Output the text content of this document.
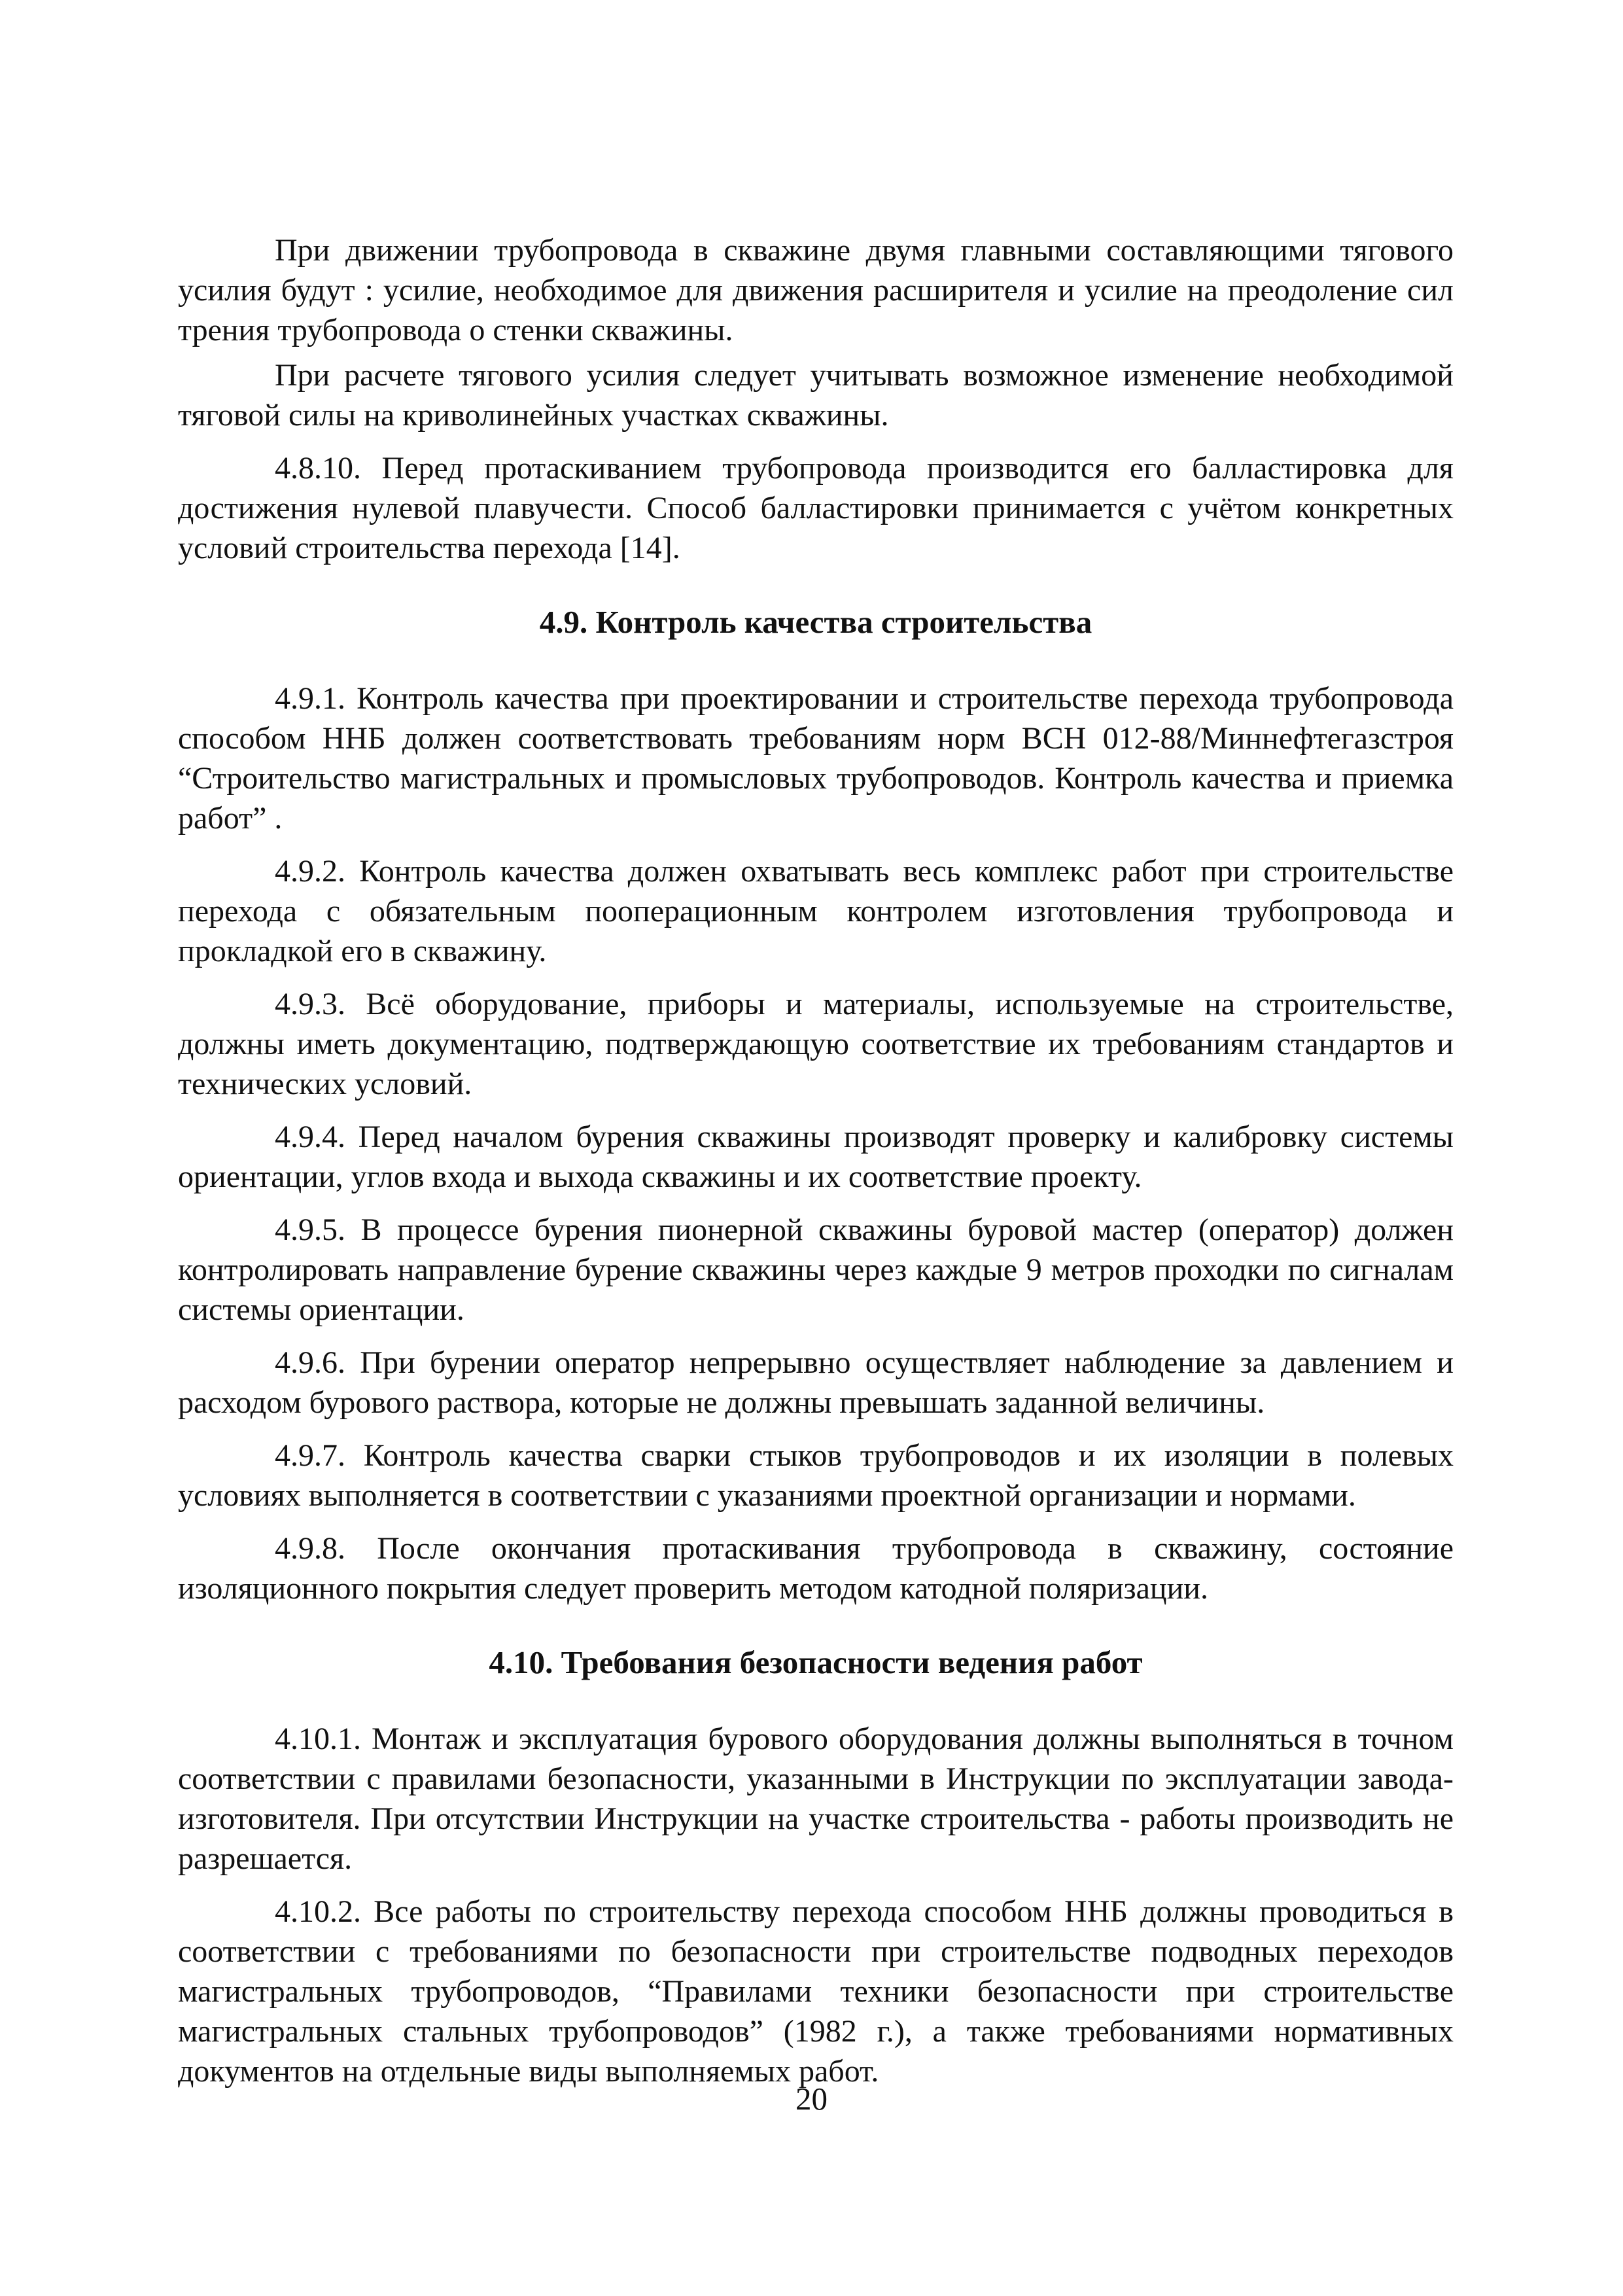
При движении трубопровода в скважине двумя главными составляющими тягового усилия будут : усилие, необходимое для движения расширителя и усилие на преодоление сил трения трубопровода о стенки скважины.

При расчете тягового усилия следует учитывать возможное изменение необходимой тяговой силы на криволинейных участках скважины.

4.8.10. Перед протаскиванием трубопровода производится его балластировка для достижения нулевой плавучести. Способ балластировки принимается с учётом конкретных условий строительства перехода [14].

4.9. Контроль качества строительства

4.9.1. Контроль качества при проектировании и строительстве перехода трубопровода способом ННБ должен соответствовать требованиям норм ВСН 012-88/Миннефтегазстроя “Строительство магистральных и промысловых трубопроводов. Контроль качества и приемка работ” .

4.9.2. Контроль качества должен охватывать весь комплекс работ при строительстве перехода с обязательным пооперационным контролем изготовления трубопровода и прокладкой его в скважину.

4.9.3. Всё оборудование, приборы и материалы, используемые на строительстве, должны иметь документацию, подтверждающую соответствие их требованиям стандартов и технических условий.

4.9.4. Перед началом бурения скважины производят проверку и калибровку системы ориентации, углов входа и выхода скважины и их соответствие проекту.

4.9.5. В процессе бурения пионерной скважины буровой мастер (оператор) должен контролировать направление бурение скважины через каждые 9 метров проходки по сигналам системы ориентации.

4.9.6. При бурении оператор непрерывно осуществляет наблюдение за давлением и расходом бурового раствора, которые не должны превышать заданной величины.

4.9.7. Контроль качества сварки стыков трубопроводов и их изоляции в полевых условиях выполняется в соответствии с указаниями проектной организации и нормами.

4.9.8. После окончания протаскивания трубопровода в скважину, состояние изоляционного покрытия следует проверить методом катодной поляризации.

4.10. Требования безопасности ведения работ

4.10.1. Монтаж и эксплуатация бурового оборудования должны выполняться в точном соответствии с правилами безопасности, указанными в Инструкции по эксплуатации завода-изготовителя. При отсутствии Инструкции на участке строительства - работы производить не разрешается.

4.10.2. Все работы по строительству перехода способом ННБ должны проводиться в соответствии с требованиями по безопасности при строительстве подводных переходов магистральных трубопроводов, “Правилами техники безопасности при строительстве магистральных стальных трубопроводов” (1982 г.), а также требованиями нормативных документов на отдельные виды выполняемых работ.

20
